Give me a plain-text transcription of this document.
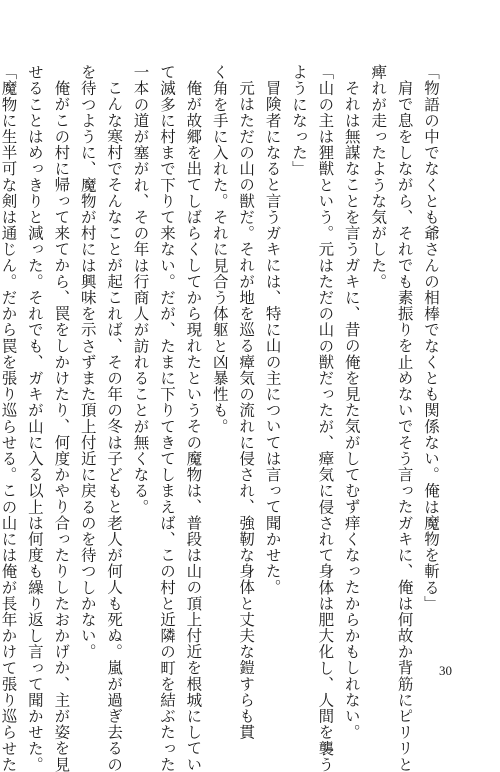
「物語の中でなくとも爺さんの相棒でなくとも関係ない。俺は魔物を斬る」
肩で息をしながら、それでも素振りを止めないでそう言ったガキに、俺は何故か背筋にピリリと
痺れが走ったような気がした。
それは無謀なことを言うガキに、昔の俺を見た気がしてむず痒くなったからかもしれない。
「山の主は狸獣という。元はただの山の獣だったが、瘴気に侵されて身体は肥大化し、人間を襲う
ようになった」
冒険者になると言うガキには、特に山の主については言って聞かせた。
元はただの山の獣だ。それが地を巡る瘴気の流れに侵され、強靭な身体と丈夫な鎧すらも貫
く角を手に入れた。それに見合う体躯と凶暴性も。
俺が故郷を出てしばらくしてから現れたというその魔物は、普段は山の頂上付近を根城にしてい
て滅多に村まで下りて来ない。だが、たまに下りてきてしまえば、この村と近隣の町を結ぶたった
一本の道が塞がれ、その年は行商人が訪れることが無くなる。
こんな寒村でそんなことが起これば、その年の冬は子どもと老人が何人も死ぬ。嵐が過ぎ去るの
を待つように、魔物が村には興味を示さずまた頂上付近に戻るのを待つしかない。
俺がこの村に帰って来てから、罠をしかけたり、何度かやり合ったりしたおかげか、主が姿を見
せることはめっきりと減った。それでも、ガキが山に入る以上は何度も繰り返し言って聞かせた。
「魔物に生半可な剣は通じん。だから罠を張り巡らせる。この山には俺が長年かけて張り巡らせた	30
